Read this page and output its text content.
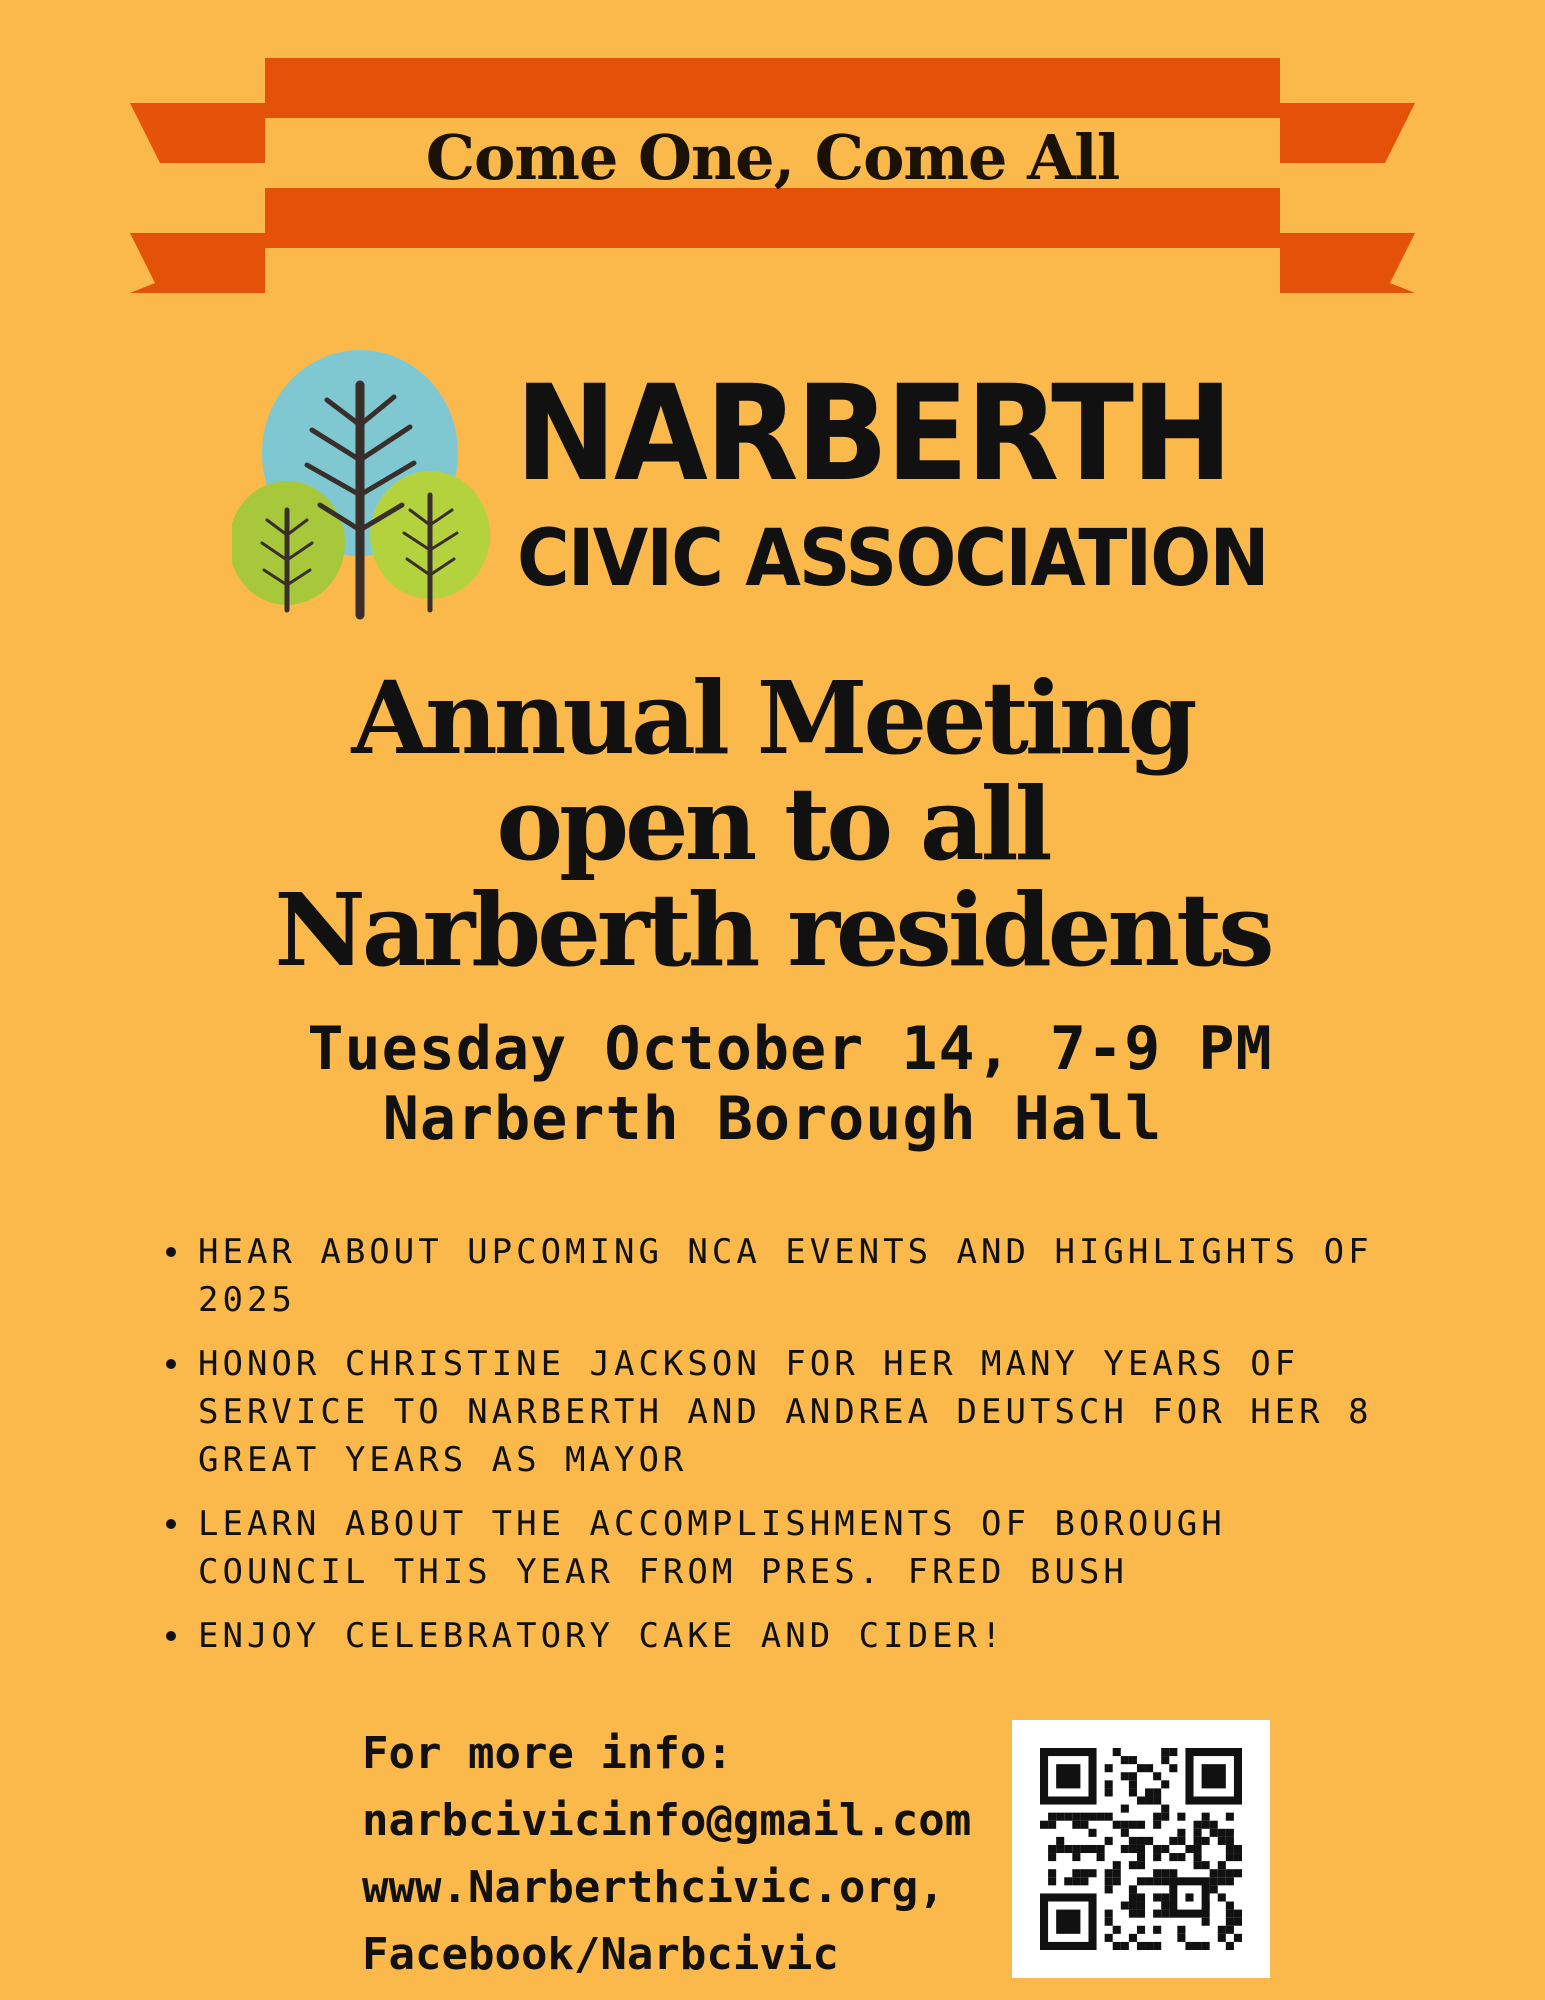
Come One, Come All
NARBERTH
CIVIC ASSOCIATION
Annual Meeting
open to all
Narberth residents
Tuesday October 14, 7-9 PM
Narberth Borough Hall
HEAR ABOUT UPCOMING NCA EVENTS AND HIGHLIGHTS OF 2025
HONOR CHRISTINE JACKSON FOR HER MANY YEARS OF SERVICE TO NARBERTH AND ANDREA DEUTSCH FOR HER 8 GREAT YEARS AS MAYOR
LEARN ABOUT THE ACCOMPLISHMENTS OF BOROUGH COUNCIL THIS YEAR FROM PRES. FRED BUSH
ENJOY CELEBRATORY CAKE AND CIDER!
For more info:
narbcivicinfo@gmail.com
www.Narberthcivic.org,
Facebook/Narbcivic
